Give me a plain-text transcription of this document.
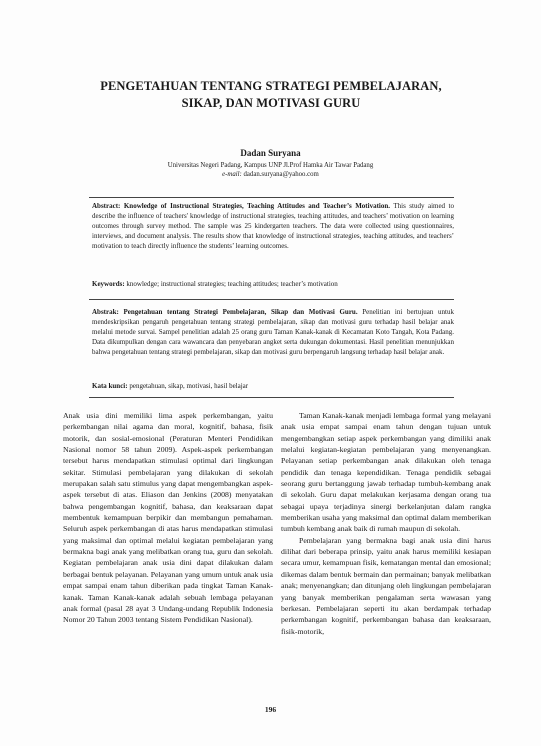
PENGETAHUAN TENTANG STRATEGI PEMBELAJARAN,
SIKAP, DAN MOTIVASI GURU
Dadan Suryana
Universitas Negeri Padang, Kampus UNP Jl.Prof Hamka Air Tawar Padang
e-mail: dadan.suryana@yahoo.com
Abstract: Knowledge of Instructional Strategies, Teaching Attitudes and Teacher’s Motivation. This study aimed to describe the influence of teachers' knowledge of instructional strategies, teaching attitudes, and teachers’ motivation on learning outcomes through survey method. The sample was 25 kindergarten teachers. The data were collected using questionnaires, interviews, and document analysis. The results show that knowledge of instructional strategies, teaching attitudes, and teachers’ motivation to teach directly influence the students’ learning outcomes.
Keywords: knowledge; instructional strategies; teaching attitudes; teacher’s motivation
Abstrak: Pengetahuan tentang Strategi Pembelajaran, Sikap dan Motivasi Guru. Penelitian ini bertujuan untuk mendeskripsikan pengaruh pengetahuan tentang strategi pembelajaran, sikap dan motivasi guru terhadap hasil belajar anak melalui metode survai. Sampel penelitian adalah 25 orang guru Taman Kanak-kanak di Kecamatan Koto Tangah, Kota Padang. Data dikumpulkan dengan cara wawancara dan penyebaran angket serta dukungan dokumentasi. Hasil penelitian menunjukkan bahwa pengetahuan tentang strategi pembelajaran, sikap dan motivasi guru berpengaruh langsung terhadap hasil belajar anak.
Kata kunci: pengetahuan, sikap, motivasi, hasil belajar

Anak usia dini memiliki lima aspek perkembangan, yaitu perkembangan nilai agama dan moral, kognitif, bahasa, fisik motorik, dan sosial-emosional (Peraturan Menteri Pendidikan Nasional nomor 58 tahun 2009). Aspek-aspek perkembangan tersebut harus mendapatkan stimulasi optimal dari lingkungan sekitar. Stimulasi pembelajaran yang dilakukan di sekolah merupakan salah satu stimulus yang dapat mengembangkan aspek-aspek tersebut di atas. Eliason dan Jenkins (2008) menyatakan bahwa pengembangan kognitif, bahasa, dan keaksaraan dapat membentuk kemampuan berpikir dan membangun pemahaman. Seluruh aspek perkembangan di atas harus mendapatkan stimulasi yang maksimal dan optimal melalui kegiatan pembelajaran yang bermakna bagi anak yang melibatkan orang tua, guru dan sekolah. Kegiatan pembelajaran anak usia dini dapat dilakukan dalam berbagai bentuk pelayanan. Pelayanan yang umum untuk anak usia empat sampai enam tahun diberikan pada tingkat Taman Kanak-kanak. Taman Kanak-kanak adalah sebuah lembaga pelayanan anak formal (pasal 28 ayat 3 Undang-undang Republik Indonesia Nomor 20 Tahun 2003 tentang Sistem Pendidikan Nasional).

Taman Kanak-kanak menjadi lembaga formal yang melayani anak usia empat sampai enam tahun dengan tujuan untuk mengembangkan setiap aspek perkembangan yang dimiliki anak melalui kegiatan-kegiatan pembelajaran yang menyenangkan. Pelayanan setiap perkembangan anak dilakukan oleh tenaga pendidik dan tenaga kependidikan. Tenaga pendidik sebagai seorang guru bertanggung jawab terhadap tumbuh-kembang anak di sekolah. Guru dapat melakukan kerjasama dengan orang tua sebagai upaya terjadinya sinergi berkelanjutan dalam rangka memberikan usaha yang maksimal dan optimal dalam memberikan tumbuh kembang anak baik di rumah maupun di sekolah.

Pembelajaran yang bermakna bagi anak usia dini harus dilihat dari beberapa prinsip, yaitu anak harus memiliki kesiapan secara umur, kemampuan fisik, kematangan mental dan emosional; dikemas dalam bentuk bermain dan permainan; banyak melibatkan anak; menyenangkan; dan ditunjang oleh lingkungan pembelajaran yang banyak memberikan pengalaman serta wawasan yang berkesan. Pembelajaran seperti itu akan berdampak terhadap perkembangan kognitif, perkembangan bahasa dan keaksaraan, fisik-motorik,

196
